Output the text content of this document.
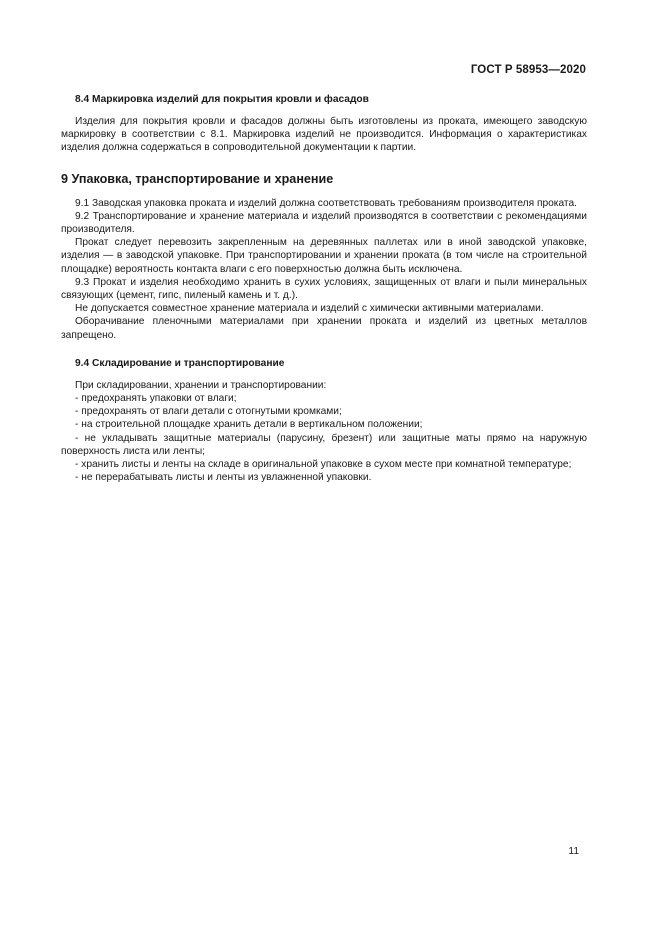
ГОСТ Р 58953—2020

8.4 Маркировка изделий для покрытия кровли и фасадов

Изделия для покрытия кровли и фасадов должны быть изготовлены из проката, имеющего заводскую маркировку в соответствии с 8.1. Маркировка изделий не производится. Информация о характеристиках изделия должна содержаться в сопроводительной документации к партии.

9 Упаковка, транспортирование и хранение

9.1 Заводская упаковка проката и изделий должна соответствовать требованиям производителя проката.

9.2 Транспортирование и хранение материала и изделий производятся в соответствии с рекомендациями производителя.

Прокат следует перевозить закрепленным на деревянных паллетах или в иной заводской упаковке, изделия — в заводской упаковке. При транспортировании и хранении проката (в том числе на строительной площадке) вероятность контакта влаги с его поверхностью должна быть исключена.

9.3 Прокат и изделия необходимо хранить в сухих условиях, защищенных от влаги и пыли минеральных связующих (цемент, гипс, пиленый камень и т. д.).

Не допускается совместное хранение материала и изделий с химически активными материалами.

Оборачивание пленочными материалами при хранении проката и изделий из цветных металлов запрещено.

9.4 Складирование и транспортирование

При складировании, хранении и транспортировании:

- предохранять упаковки от влаги;
- предохранять от влаги детали с отогнутыми кромками;
- на строительной площадке хранить детали в вертикальном положении;
- не укладывать защитные материалы (парусину, брезент) или защитные маты прямо на наружную поверхность листа или ленты;
- хранить листы и ленты на складе в оригинальной упаковке в сухом месте при комнатной температуре;
- не перерабатывать листы и ленты из увлажненной упаковки.
11
